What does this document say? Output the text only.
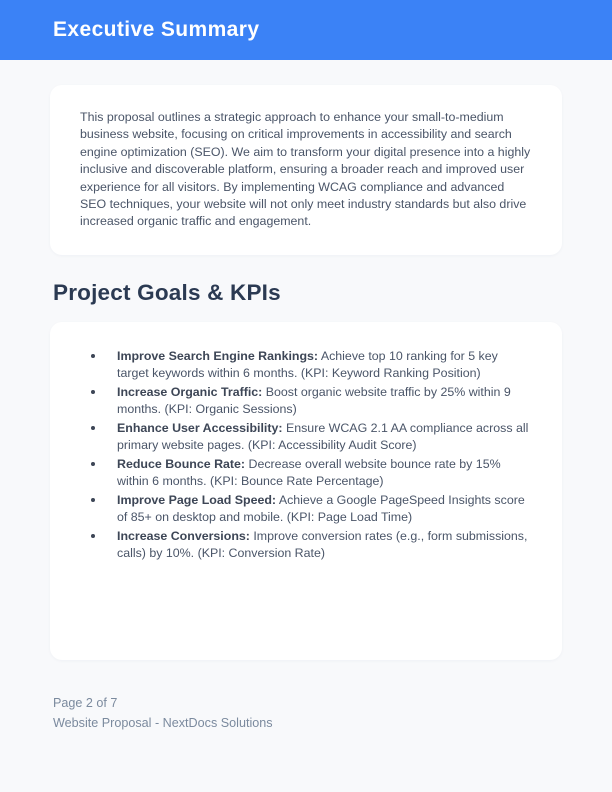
Executive Summary

This proposal outlines a strategic approach to enhance your small-to-medium business website, focusing on critical improvements in accessibility and search engine optimization (SEO). We aim to transform your digital presence into a highly inclusive and discoverable platform, ensuring a broader reach and improved user experience for all visitors. By implementing WCAG compliance and advanced SEO techniques, your website will not only meet industry standards but also drive increased organic traffic and engagement.

Project Goals & KPIs
Improve Search Engine Rankings: Achieve top 10 ranking for 5 key target keywords within 6 months. (KPI: Keyword Ranking Position)
Increase Organic Traffic: Boost organic website traffic by 25% within 9 months. (KPI: Organic Sessions)
Enhance User Accessibility: Ensure WCAG 2.1 AA compliance across all primary website pages. (KPI: Accessibility Audit Score)
Reduce Bounce Rate: Decrease overall website bounce rate by 15% within 6 months. (KPI: Bounce Rate Percentage)
Improve Page Load Speed: Achieve a Google PageSpeed Insights score of 85+ on desktop and mobile. (KPI: Page Load Time)
Increase Conversions: Improve conversion rates (e.g., form submissions, calls) by 10%. (KPI: Conversion Rate)
Page 2 of 7
Website Proposal - NextDocs Solutions
